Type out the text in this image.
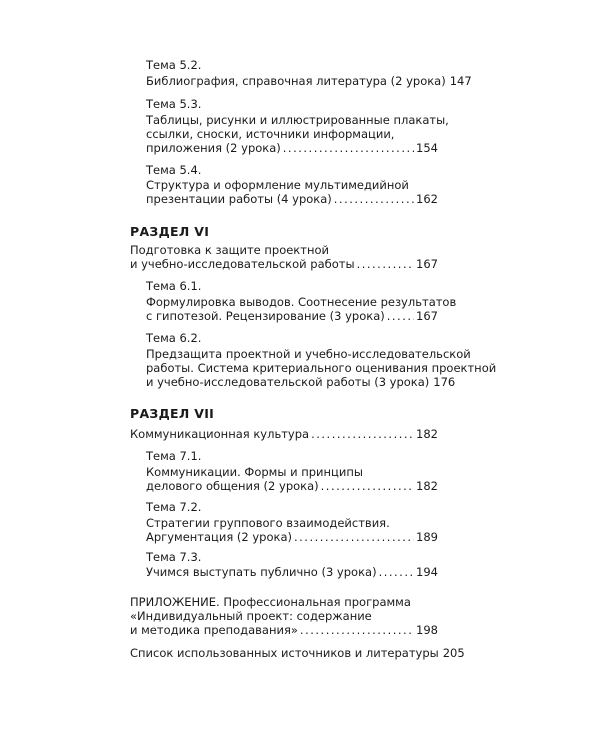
Тема 5.2.
Библиография, справочная литература (2 урока) 147
Тема 5.3.
Таблицы, рисунки и иллюстрированные плакаты,
ссылки, сноски, источники информации,
приложения (2 урока) .....	154
Тема 5.4.
Структура и оформление мультимедийной
презентации работы (4 урока) .....	162
РАЗДЕЛ VI
Подготовка к защите проектной
и учебно-исследовательской работы .....	167
Тема 6.1.
Формулировка выводов. Соотнесение результатов
с гипотезой. Рецензирование (3 урока) .....	167
Тема 6.2.
Предзащита проектной и учебно-исследовательской
работы. Система критериального оценивания проектной
и учебно-исследовательской работы (3 урока) 176
РАЗДЕЛ VII
Коммуникационная культура .....	182
Тема 7.1.
Коммуникации. Формы и принципы
делового общения (2 урока) .....	182
Тема 7.2.
Стратегии группового взаимодействия.
Аргументация (2 урока) .....	189
Тема 7.3.
Учимся выступать публично (3 урока) .....	194
ПРИЛОЖЕНИЕ. Профессиональная программа
«Индивидуальный проект: содержание
и методика преподавания» .....	198
Список использованных источников и литературы 205
